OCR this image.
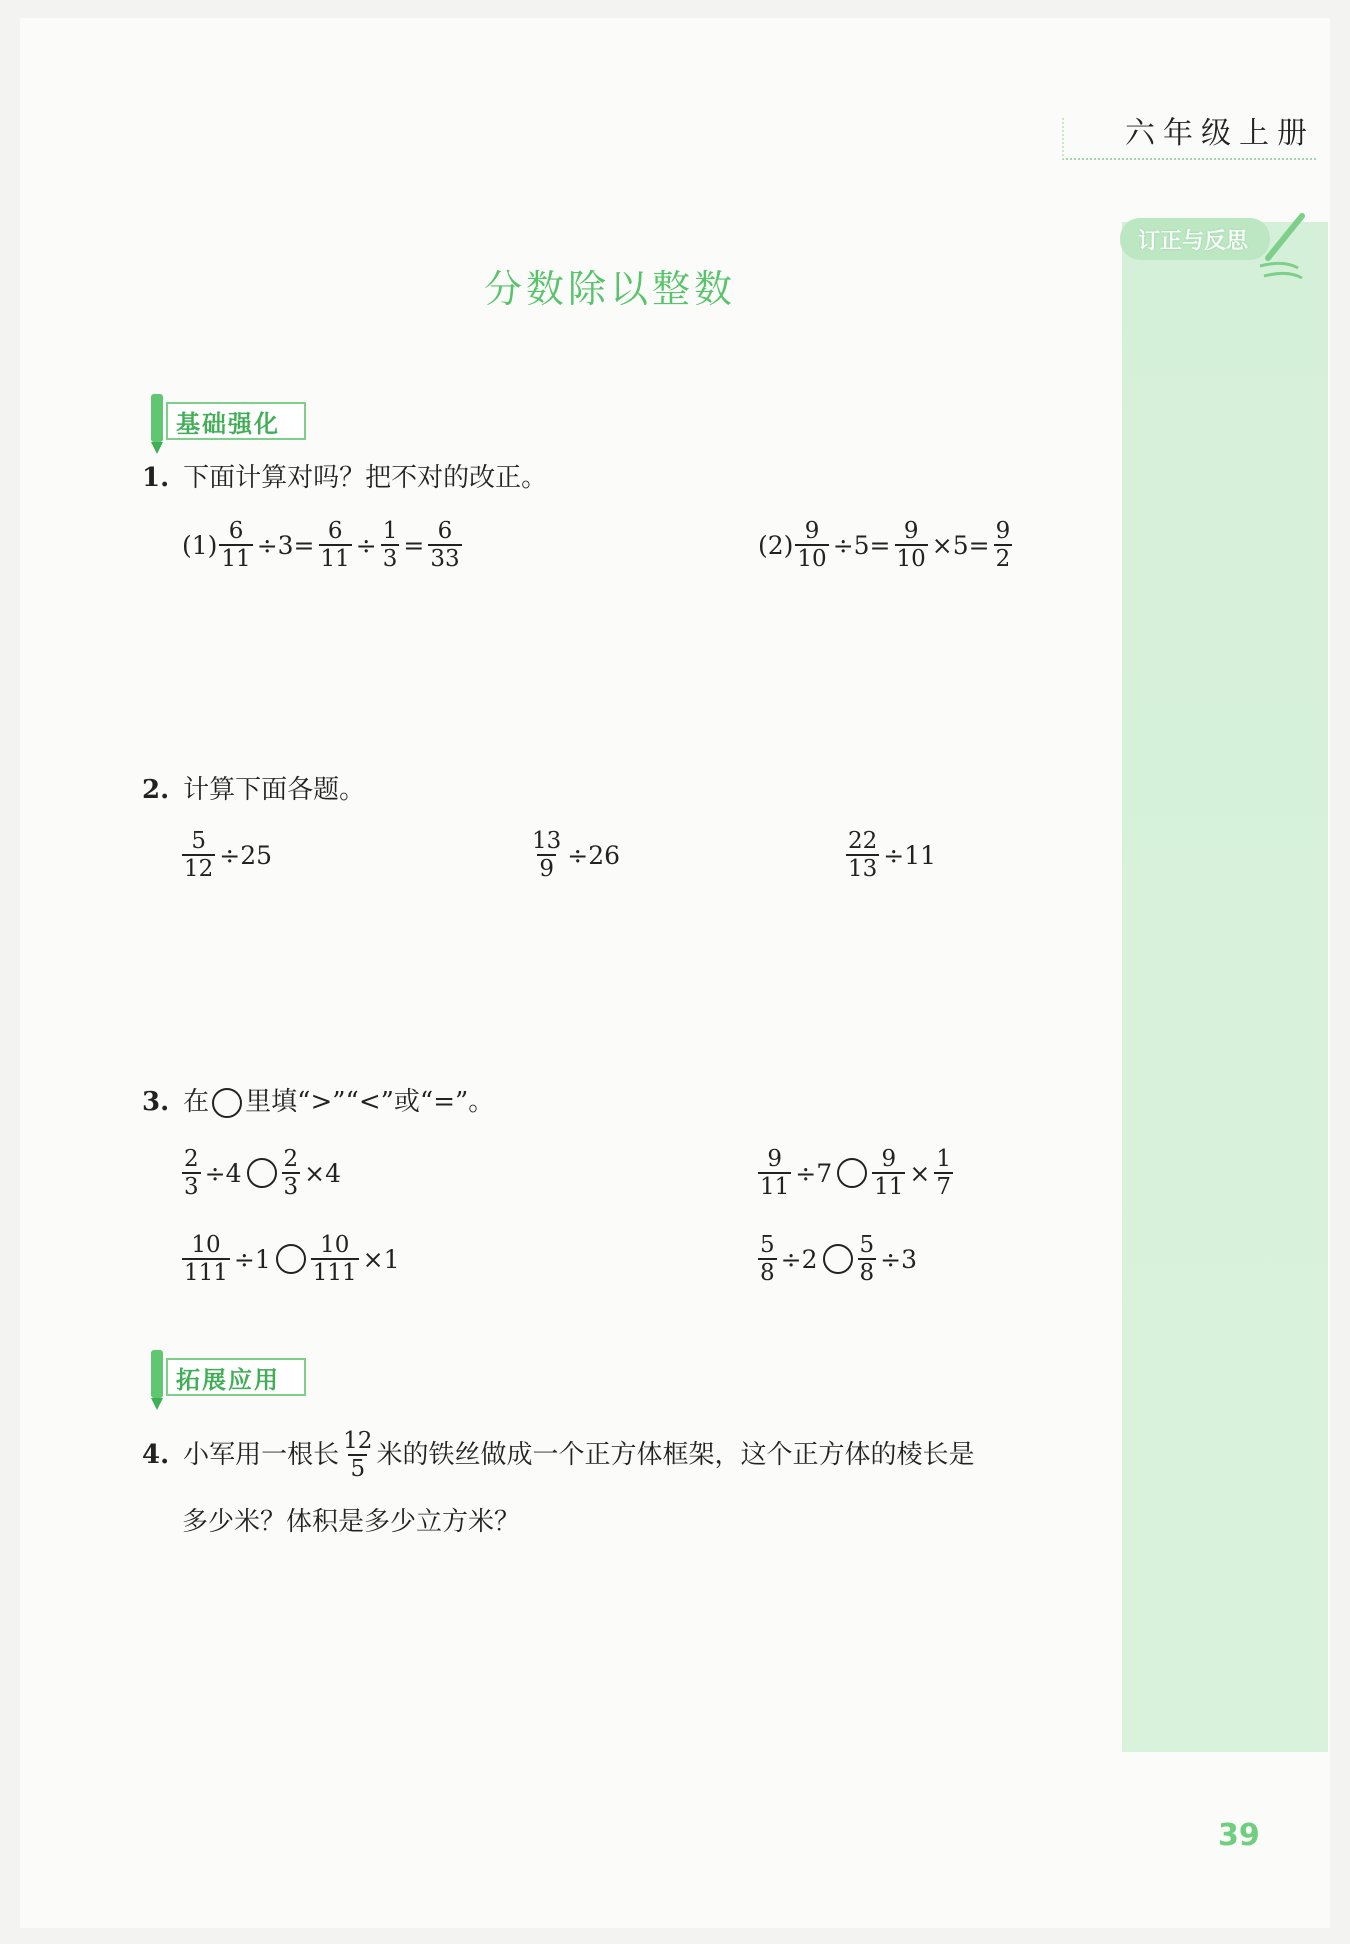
六年级上册
订正与反思
分数除以整数
基础强化
1. 下面计算对吗？把不对的改正。
$(1) \frac{6}{11} \div 3= \frac{6}{11} \div \frac{1}{3} = \frac{6}{33}$	$(2) \frac{9}{10} \div 5= \frac{9}{10} \times 5= \frac{9}{2}$
2. 计算下面各题。
$\frac{5}{12} \div 25$	$\frac{13}{9} \div 26$	$\frac{22}{13} \div 11$
3. 在 里填“>”“<”或“=”。
$\frac{2}{3} \div 4 \frac{2}{3} \times 4$	$\frac{9}{11} \div 7 \frac{9}{11} \times \frac{1}{7}$
$\frac{10}{111} \div 1 \frac{10}{111} \times 1$	$\frac{5}{8} \div 2 \frac{5}{8} \div 3$
拓展应用
4. 小军用一根长 $\frac{12}{5}$ 米的铁丝做成一个正方体框架，这个正方体的棱长是
多少米？体积是多少立方米？
39
